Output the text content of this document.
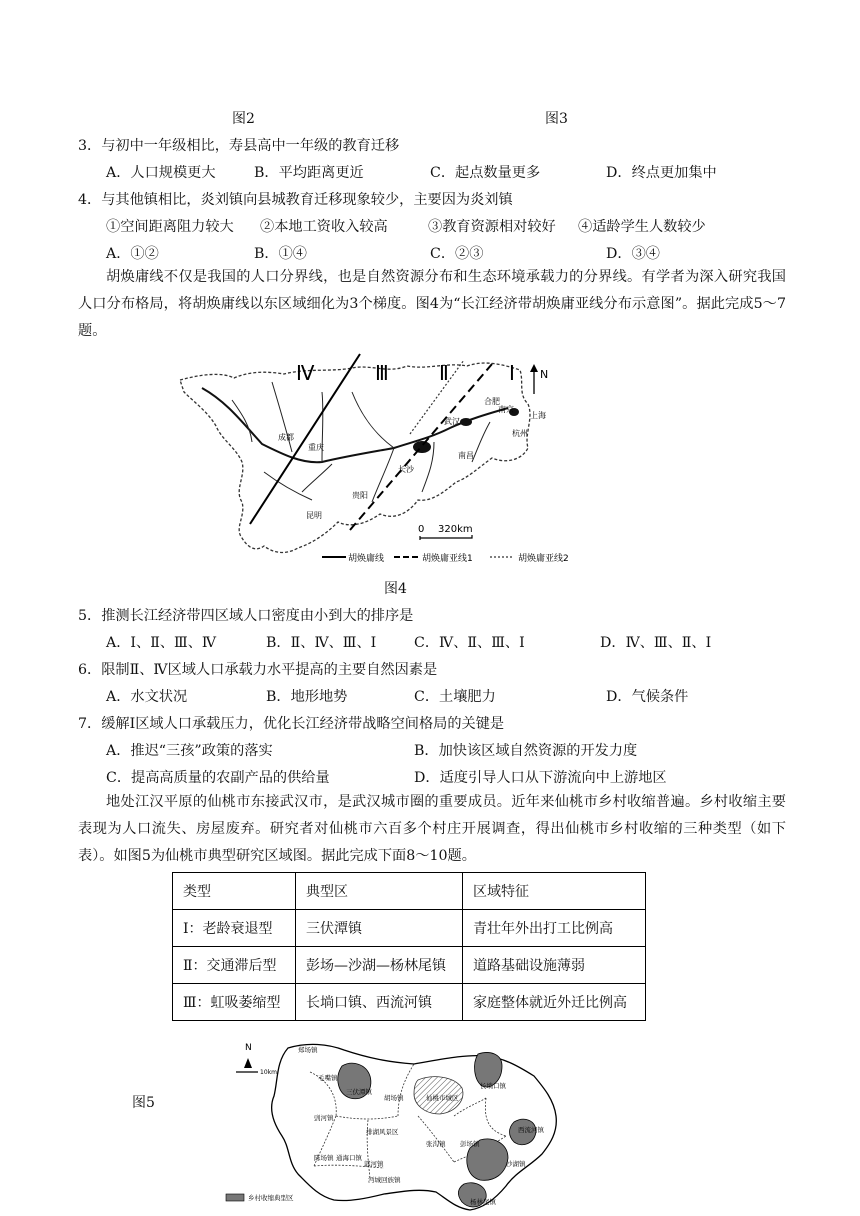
图2	图3
3．与初中一年级相比，寿县高中一年级的教育迁移
A．人口规模更大	B．平均距离更近	C．起点数量更多	D．终点更加集中
4．与其他镇相比，炎刘镇向县城教育迁移现象较少，主要因为炎刘镇
①空间距离阻力较大 ②本地工资收入较高	③教育资源相对较好 ④适龄学生人数较少
A．①②	B．①④	C．②③	D．③④
胡焕庸线不仅是我国的人口分界线，也是自然资源分布和生态环境承载力的分界线。有学者为深入研究我国人口分布格局，将胡焕庸线以东区域细化为3个梯度。图4为“长江经济带胡焕庸亚线分布示意图”。据此完成5～7题。
Ⅳ	Ⅲ	Ⅱ	Ⅰ N
成都
重庆
贵阳
昆明
长沙
南昌
武汉
合肥
南京
上海
杭州
0 320km
胡焕庸线	胡焕庸亚线1	胡焕庸亚线2
图4
5．推测长江经济带四区域人口密度由小到大的排序是
A．Ⅰ、Ⅱ、Ⅲ、Ⅳ	B．Ⅱ、Ⅳ、Ⅲ、Ⅰ	C．Ⅳ、Ⅱ、Ⅲ、Ⅰ	D．Ⅳ、Ⅲ、Ⅱ、Ⅰ
6．限制Ⅱ、Ⅳ区域人口承载力水平提高的主要自然因素是
A．水文状况	B．地形地势	C．土壤肥力	D．气候条件
7．缓解Ⅰ区域人口承载压力，优化长江经济带战略空间格局的关键是
A．推迟“三孩”政策的落实	B．加快该区域自然资源的开发力度
C．提高高质量的农副产品的供给量	D．适度引导人口从下游流向中上游地区
地处江汉平原的仙桃市东接武汉市，是武汉城市圈的重要成员。近年来仙桃市乡村收缩普遍。乡村收缩主要表现为人口流失、房屋废弃。研究者对仙桃市六百多个村庄开展调查，得出仙桃市乡村收缩的三种类型（如下表）。如图5为仙桃市典型研究区域图。据此完成下面8～10题。
类型	典型区	区域特征
Ⅰ：老龄衰退型	三伏潭镇	青壮年外出打工比例高
Ⅱ：交通滞后型	彭场—沙湖—杨林尾镇	道路基础设施薄弱
Ⅲ：虹吸萎缩型	长埫口镇、西流河镇	家庭整体就近外迁比例高
图5
N
10km
郑场镇
毛嘴镇
三伏潭镇
胡场镇	仙桃市城区
长埫口镇
西流河镇
剅河镇
郭河镇
杨林尾镇
沙湖镇
彭场镇
张沟镇
陈场镇 通海口镇
排湖风景区
沔城回族镇
乡村收缩典型区
